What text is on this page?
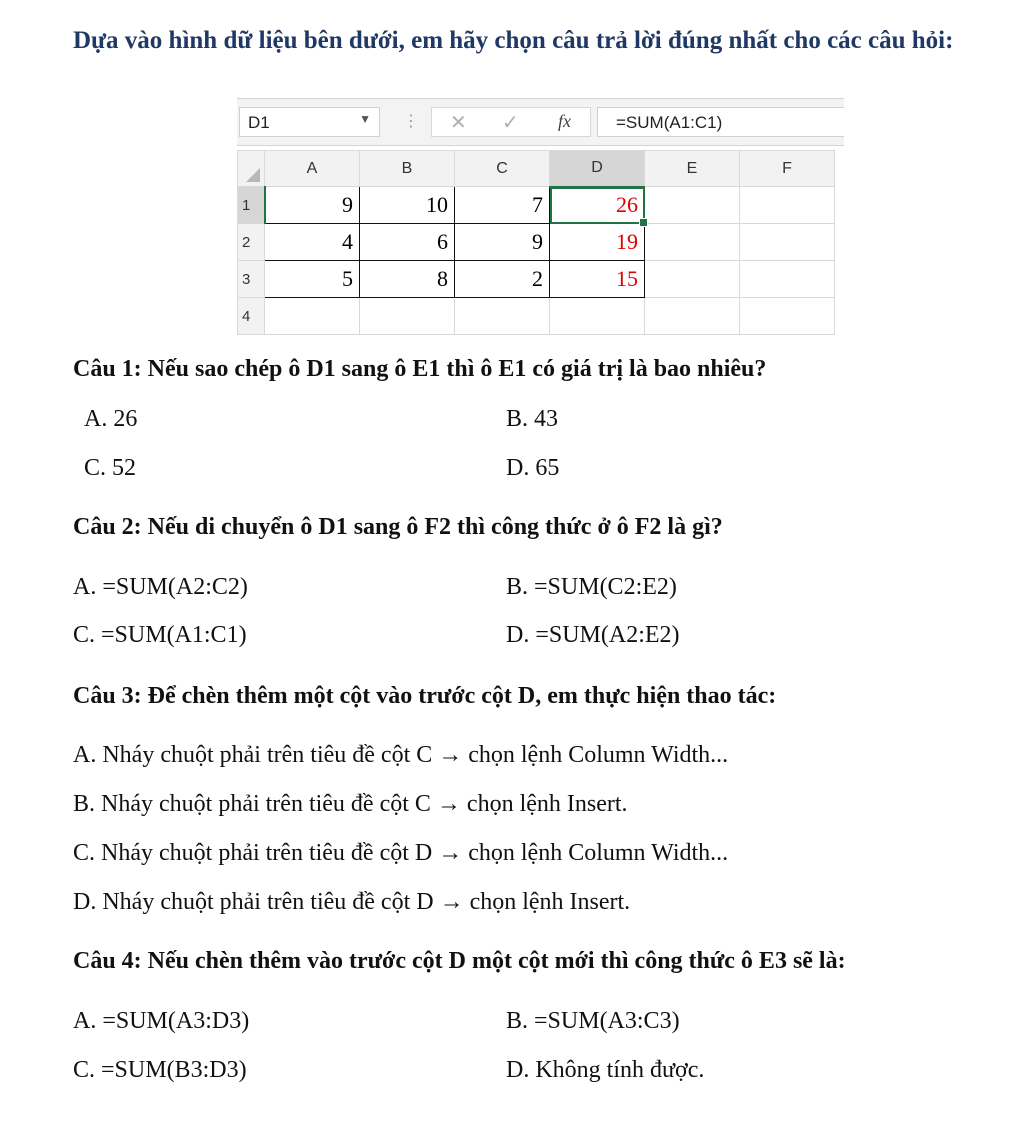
Dựa vào hình dữ liệu bên dưới, em hãy chọn câu trả lời đúng nhất cho các câu hỏi:
D1	▼ ⋮ ✕ ✓ fx	=SUM(A1:C1)
	A	B	C	D	E	F
1	9	10	7	26

2	4	6	9	19		
3	5	8	2	15		
4						
Câu 1: Nếu sao chép ô D1 sang ô E1 thì ô E1 có giá trị là bao nhiêu?
A. 26	B. 43
C. 52	D. 65
Câu 2: Nếu di chuyển ô D1 sang ô F2 thì công thức ở ô F2 là gì?
A. =SUM(A2:C2)	B. =SUM(C2:E2)
C. =SUM(A1:C1)	D. =SUM(A2:E2)
Câu 3: Để chèn thêm một cột vào trước cột D, em thực hiện thao tác:
A. Nháy chuột phải trên tiêu đề cột C → chọn lệnh Column Width...
B. Nháy chuột phải trên tiêu đề cột C → chọn lệnh Insert.
C. Nháy chuột phải trên tiêu đề cột D → chọn lệnh Column Width...
D. Nháy chuột phải trên tiêu đề cột D → chọn lệnh Insert.
Câu 4: Nếu chèn thêm vào trước cột D một cột mới thì công thức ô E3 sẽ là:
A. =SUM(A3:D3)	B. =SUM(A3:C3)
C. =SUM(B3:D3)	D. Không tính được.
